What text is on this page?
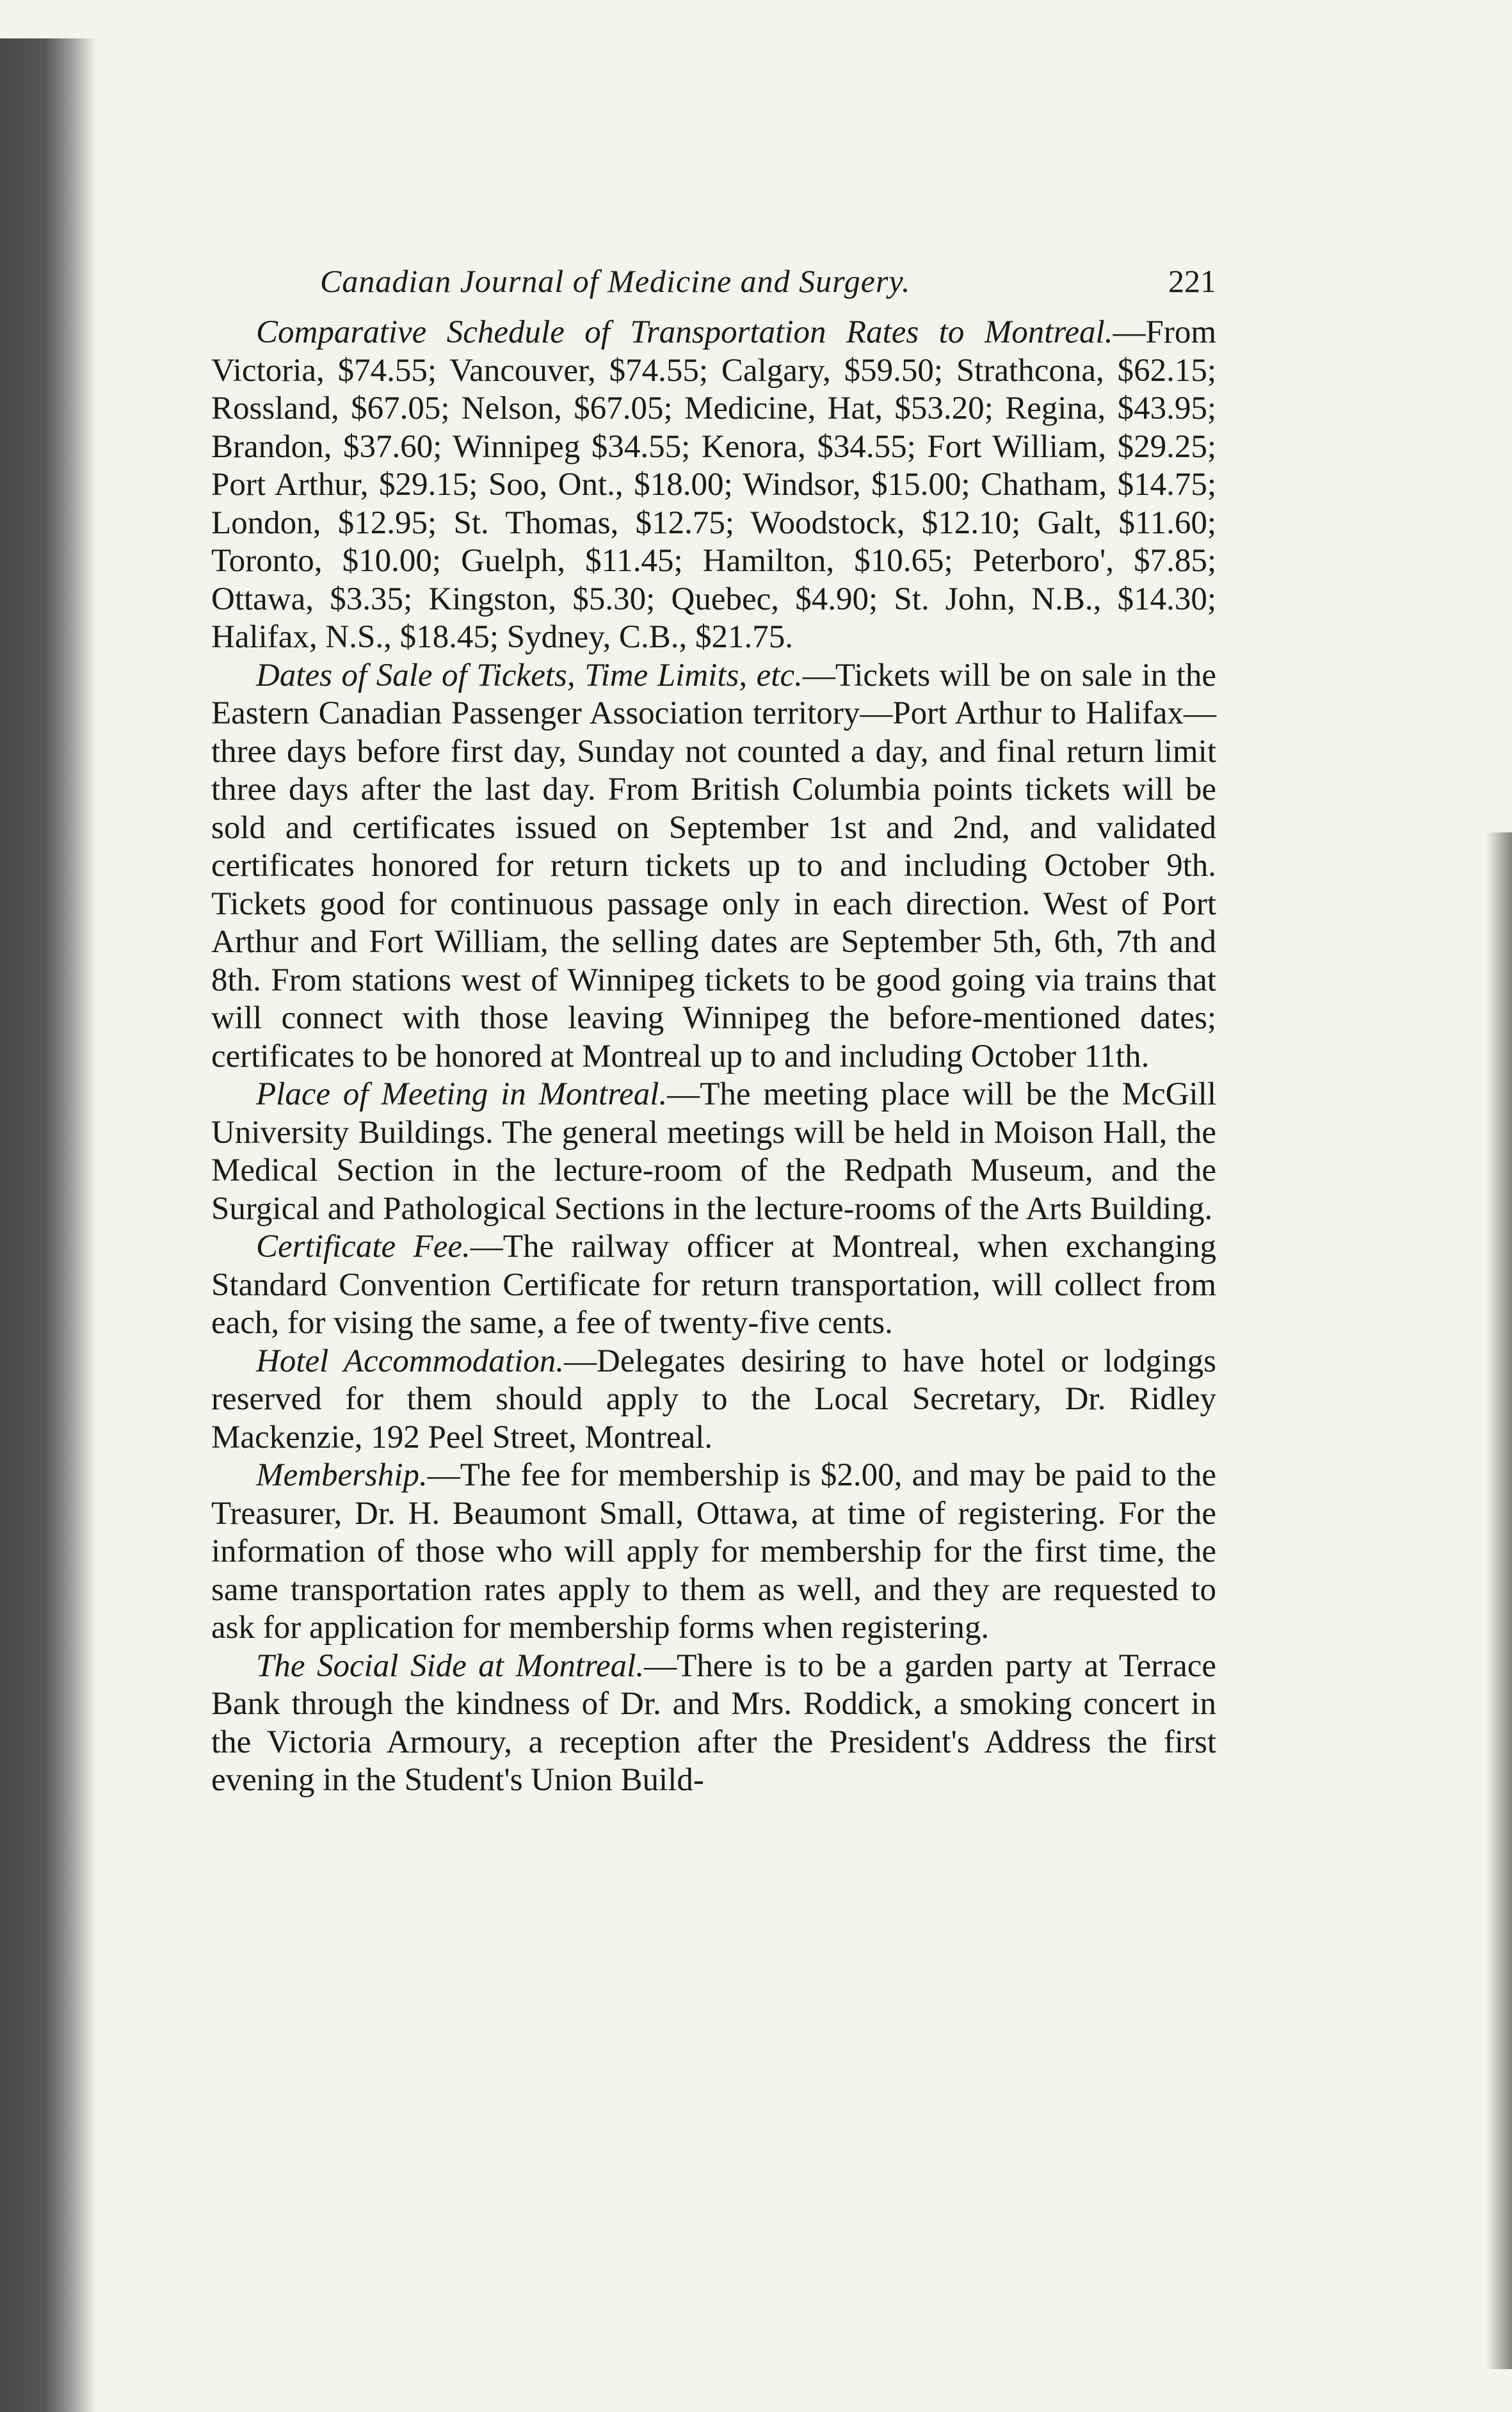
Canadian Journal of Medicine and Surgery.	221

Comparative Schedule of Transportation Rates to Montreal.—From Victoria, $74.55; Vancouver, $74.55; Calgary, $59.50; Strathcona, $62.15; Rossland, $67.05; Nelson, $67.05; Medicine, Hat, $53.20; Regina, $43.95; Brandon, $37.60; Winnipeg $34.55; Kenora, $34.55; Fort William, $29.25; Port Arthur, $29.15; Soo, Ont., $18.00; Windsor, $15.00; Chatham, $14.75; London, $12.95; St. Thomas, $12.75; Woodstock, $12.10; Galt, $11.60; Toronto, $10.00; Guelph, $11.45; Hamilton, $10.65; Peterboro', $7.85; Ottawa, $3.35; Kingston, $5.30; Quebec, $4.90; St. John, N.B., $14.30; Halifax, N.S., $18.45; Sydney, C.B., $21.75.

Dates of Sale of Tickets, Time Limits, etc.—Tickets will be on sale in the Eastern Canadian Passenger Association territory—Port Arthur to Halifax—three days before first day, Sunday not counted a day, and final return limit three days after the last day. From British Columbia points tickets will be sold and certificates issued on September 1st and 2nd, and validated certificates honored for return tickets up to and including October 9th. Tickets good for continuous passage only in each direction. West of Port Arthur and Fort William, the selling dates are September 5th, 6th, 7th and 8th. From stations west of Winnipeg tickets to be good going via trains that will connect with those leaving Winnipeg the before-mentioned dates; certificates to be honored at Montreal up to and including October 11th.

Place of Meeting in Montreal.—The meeting place will be the McGill University Buildings. The general meetings will be held in Moison Hall, the Medical Section in the lecture-room of the Redpath Museum, and the Surgical and Pathological Sections in the lecture-rooms of the Arts Building.

Certificate Fee.—The railway officer at Montreal, when exchanging Standard Convention Certificate for return transportation, will collect from each, for vising the same, a fee of twenty-five cents.

Hotel Accommodation.—Delegates desiring to have hotel or lodgings reserved for them should apply to the Local Secretary, Dr. Ridley Mackenzie, 192 Peel Street, Montreal.

Membership.—The fee for membership is $2.00, and may be paid to the Treasurer, Dr. H. Beaumont Small, Ottawa, at time of registering. For the information of those who will apply for membership for the first time, the same transportation rates apply to them as well, and they are requested to ask for application for membership forms when registering.

The Social Side at Montreal.—There is to be a garden party at Terrace Bank through the kindness of Dr. and Mrs. Roddick, a smoking concert in the Victoria Armoury, a reception after the President's Address the first evening in the Student's Union Build-
